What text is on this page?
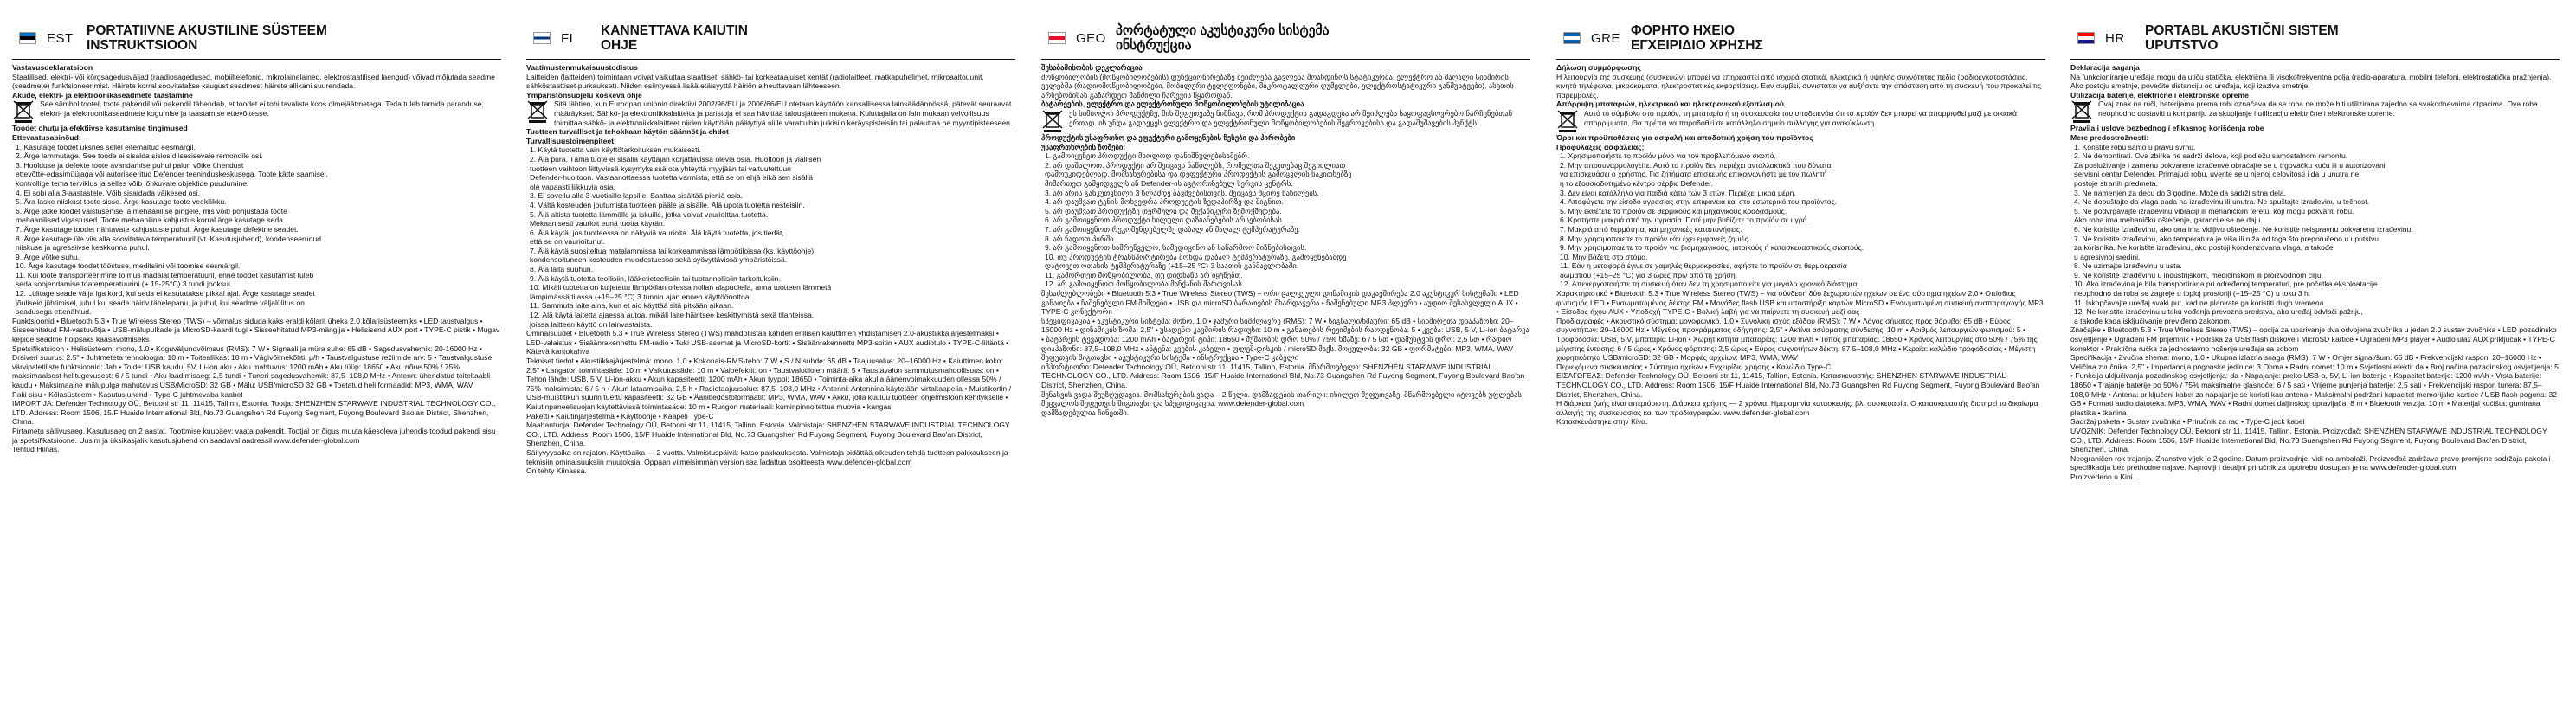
EST PORTATIIVNE AKUSTILINE SÜSTEEM
INSTRUKTSIOON

Vastavusdeklaratsioon

Staatilised, elektri- või kõrgsagedusväljad (raadiosagedused, mobiiltelefonid, mikrolainelained, elektrostaatilised laengud) võivad mõjutada seadme (seadmete) funktsioneerimist. Häirete korral soovitatakse kaugust seadmest häirete allikani suurendada.

Akude, elektri- ja elektroonikaseadmete taastamine

See sümbol tootel, toote pakendil või pakendil tähendab, et toodet ei tohi tavaliste koos olmejäätmetega. Teda tuleb tarnida paranduse, elektri- ja elektroonikaseadmete kogumise ja taastamise ettevõttesse.

Toodet ohutu ja efektiivse kasutamise tingimused

Ettevaatusabinõud:

1. Kasutage toodet üksnes sellel eitemaltud eesmärgil.

2. Ärge lammutage. See toode ei sisalda sisiosid isesisevale remondile osi.

3. Hoolduse ja defekte toote avandamise puhul palun võtke ühendust

ettevõtte-edasimüüjaga või autoriseeritud Defender teeninduskeskusega. Toote kätte saamisel,

kontrollige tema terviklus ja selles võib lõhkuvate objektide puudumine.

4. Ei sobi alla 3-aastastele. Võib sisaldada väikesed osi.

5. Ära laske niiskust toote sisse. Ärge kasutage toote veekilikku.

6. Ärge jätke toodet väistusenise ja mehaanilise pingele, mis võib põhjustada toote

mehaanilised vigastused. Toote mehaaniline kahjustus korral ärge kasutage seda.

7. Ärge kasutage toodet nähtavate kahjustuste puhul. Ärge kasutage defektne seadet.

8. Ärge kasutage üle viis alla soovitatava temperatuuril (vt. Kasutusjuhend), kondenseerunud

niiskuse ja agressiivse keskkonna puhul.

9. Ärge võtke suhu.

10. Ärge kasutage toodet tööstuse, meditsiini või toomise eesmärgil.

11. Kui toote transporteerimine toimus madalal temperatuuril, enne toodet kasutamist tuleb

seda soojendamise toatemperatuurini (+ 15-25°C) 3 tundi jooksul.

12. Lülitage seade välja iga kord, kui seda ei kasutatakse pikkal ajal. Ärge kasutage seadet

jõuliseid jühtimisel, juhul kui seade häiriv tähelepanu, ja juhul, kui seadme väljalülitus on

seadusega ettenähtud.

Funktsioonid • Bluetooth 5.3 • True Wireless Stereo (TWS) – võimalus siduda kaks eraldi kõlarit üheks 2.0 kõlarisüsteemiks • LED taustvalgus • Sisseehitatud FM-vastuvõtja • USB-mälupulkade ja MicroSD-kaardi tugi • Sisseehitatud MP3-mängija • Helisisend AUX port • TYPE-C pistik • Mugav kepide seadme hõlpsaks kaasavõtmiseks

Spetsifikatsioon • Helisüsteem: mono, 1.0 • Koguväljundvõimsus (RMS): 7 W • Signaali ja müra suhe: 65 dB • Sagedusvahemik: 20-16000 Hz • Draiveri suurus: 2.5" • Juhtmeteta tehnoloogia: 10 m • Toiteallikas: 10 m • Vägivõimekõhti: μ/h • Taustvalgustuse režiimide arv: 5 • Taustvalgustuse värvipaletiliste funktsioonid: Jah • Toide: USB kaudu, 5V, Li-ion aku • Aku mahtuvus: 1200 mAh • Aku tüüp: 18650 • Aku nõue 50% / 75% maksimaalsest helitugevusest: 6 / 5 tundi • Aku laadimisaeg: 2,5 tundi • Tuneri sagedusvahemik: 87,5–108,0 MHz • Antenn: ühendatud toitekaabli kaudu • Maksimaalne mälupulga mahutavus USB/MicroSD: 32 GB • Mälu: USB/microSD 32 GB • Toetatud heli formaadid: MP3, WMA, WAV

Paki sisu • Kõlasüsteem • Kasutusjuhend • Type-C juhtmevaba kaabel

IMPORTIJA: Defender Technology OÜ, Betooni str 11, 11415, Tallinn, Estonia. Tootja: SHENZHEN STARWAVE INDUSTRIAL TECHNOLOGY CO., LTD. Address: Room 1506, 15/F Huaide International Bld, No.73 Guangshen Rd Fuyong Segment, Fuyong Boulevard Bao'an District, Shenzhen, China.

Pirtametu säilivusaeg. Kasutusaeg on 2 aastat. Toottmise kuupäev: vaata pakendit. Tootjal on õigus muuta käesoleva juhendis toodud pakendi sisu ja spetsifikatsioone. Uusim ja üksikasjalik kasutusjuhend on saadaval aadressil www.defender-global.com

Tehtud Hiinas.

FI	KANNETTAVA KAIUTIN
OHJE

Vaatimustenmukaisuustodistus

Laitteiden (laitteiden) toimintaan voivat vaikuttaa staattiset, sähkö- tai korkeataajuiset kentät (radiolaitteet, matkapuhelimet, mikroaaltouunit, sähköstaattiset purkaukset). Niiden esiintyessä lisää etäisyyttä häiriön aiheuttavaan lähteeseen.

Ympäristönsuojelu koskeva ohje

Sitä lähtien, kun Euroopan unionin direktiivi 2002/96/EU ja 2006/66/EU otetaan käyttöön kansallisessa lainsäädännössä, pätevät seuraavat määräykset: Sähkö- ja elektroniikkalaitteita ja paristoja ei saa hävittää talousjätteen mukana. Kuluttajalla on lain mukaan velvollisuus toimittaa sähkö- ja elektroniikkalaitteet niiden käyttöiän päätyttyä niille varattuihin julkisiin keräyspisteisiin tai palauttaa ne myyntipisteeseen.

Tuotteen turvalliset ja tehokkaan käytön säännöt ja ehdot

Turvallisuustoimenpiteet:

1. Käytä tuotetta vain käyttötarkoituksen mukaisesti.

2. Älä pura. Tämä tuote ei sisällä käyttäjän korjattavissa olevia osia. Huoltoon ja viallisen

tuotteen vaihtoon liittyvissä kysymyksissä ota yhteyttä myyjään tai valtuutettuun

Defender-huoltoon. Vastaanottaessa tuotetta varmista, että se on ehjä eikä sen sisällä

ole vapaasti liikkuvia osia.

3. Ei sovellu alle 3-vuotiaille lapsille. Saattaa sisältää pieniä osia.

4. Vältä kosteuden joutumista tuotteen pääle ja sisälle. Älä upota tuotetta nesteisiin.

5. Älä altista tuotetta lämmölle ja iskuille, jotka voivat vaurioittaa tuotetta.

Mekaanisesti vaurioit eunä tuotta käyrän.

6. Älä käytä, jos tuotteessa on näkyviä vaurioita. Älä käytä tuotetta, jos tiedät,

että se on vaurioitunut.

7. Älä käytä suositeltua matalammissa tai korkeammissa lämpötiloissa (ks. käyttöohje),

kondensoituneen kosteuden muodostuessa sekä syövyttävissä ympäristöissä.

8. Älä laita suuhun.

9. Älä käytä tuotetta teollisiin, lääketieteellisiin tai tuotannollisiin tarkoituksiin.

10. Mikäli tuotetta on kuljetettu lämpötilan ollessa nollan alapuolella, anna tuotteen lämmetä

lämpimässä tilassa (+15–25 °C) 3 tunnin ajan ennen käyttöönottoa.

11. Sammuta laite aina, kun et aio käyttää sitä pitkään aikaan.

12. Älä käytä laitetta ajaessa autoa, mikäli laite häiritsee keskittymistä sekä tilanteissa,

joissa laitteen käyttö on lainvastaista.

Ominaisuudet • Bluetooth 5.3 • True Wireless Stereo (TWS) mahdollistaa kahden erillisen kaiuttimen yhdistämisen 2.0-akustiikkajärjestelmäksi • LED-valaistus • Sisäänrakennettu FM-radio • Tuki USB-asemat ja MicroSD-kortit • Sisäänrakennettu MP3-soitin • AUX audiotulo • TYPE-C-liitäntä • Kätevä kantokahva

Tekniset tiedot • Akustiikkajärjestelmä: mono, 1.0 • Kokonais-RMS-teho: 7 W • S / N suhde: 65 dB • Taajuusalue: 20–16000 Hz • Kaiuttimen koko: 2,5" • Langaton toimintasäde: 10 m • Vaikutussäde: 10 m • Valoefektit: on • Taustvalotilojen määrä: 5 • Taustavalon sammutusmahdollisuus: on • Tehon lähde: USB, 5 V, Li-ion-akku • Akun kapasiteetti: 1200 mAh • Akun tyyppi: 18650 • Toiminta-aika akulla äänenvoimakkuuden ollessa 50% / 75% maksimista: 6 / 5 h • Akun lataamisaika: 2,5 h • Radiotaajuusalue: 87,5–108,0 MHz • Antenni: Antennina käytetään virtakaapelia • Muistikortin / USB-muistitikun suurin tuettu kapasiteetti: 32 GB • Äänitiedostoformaatit: MP3, WMA, WAV • Akku, jolla kuuluu tuotteen ohjelmistoon kehitykselle • Kaiutinpaneelisuojan käytettävissä toimintasäde: 10 m • Rungon materiaali: kuminpinnoitettua muovia • kangas

Paketti • Kaiutinjärjestelmä • Käyttöohje • Kaapeli Type-C

Maahantuoja: Defender Technology OÜ, Betooni str 11, 11415, Tallinn, Estonia. Valmistaja: SHENZHEN STARWAVE INDUSTRIAL TECHNOLOGY CO., LTD. Address: Room 1506, 15/F Huaide International Bld, No.73 Guangshen Rd Fuyong Segment, Fuyong Boulevard Bao'an District, Shenzhen, China.

Säilyvyysaika on rajaton. Käyttöaika — 2 vuotta. Valmistuspäivä: katso pakkauksesta. Valmistaja pidättää oikeuden tehdä tuotteen pakkaukseen ja teknisiin ominaisuuksiin muutoksia. Oppaan viimeisimmän version saa ladattua osoitteesta www.defender-global.com

On tehty Kiinassa.

GEO პორტატული აკუსტიკური სისტემა
ინსტრუქცია

შესაბამისობის დეკლარაცია

მოწყობილობის (მოწყობილობების) ფუნქციონირებაზე შეიძლება გავლენა მოახდინოს სტატიკურმა, ელექტრო ან მაღალი სიხშირის ველებმა (რადიომოწყობილობები, მობილური ტელეფონები, მიკროტალღური ღუმელები, ელექტროსტატიკური განმუხტვები). ასეთის არსებობისას გაზარდეთ მანძილი ჩარევის წყაროდან.

ბატარეების, ელექტრო და ელექტრონული მოწყობილობების უტილიზაცია

ეს სიმბოლო პროდუქტზე, მის შეფუთვაზე ნიშნავს, რომ პროდუქტის გადაგდება არ შეიძლება საყოფაცხოვრებო ნარჩენებთან ერთად. ის უნდა გადაეცეს ელექტრო და ელექტრონული მოწყობილობების შეგროვებისა და გადამუშავების პუნქტს.

პროდუქტის უსაფრთხო და ეფექტური გამოყენების წესები და პირობები

უსაფრთხოების ზომები:

1. გამოიყენეთ პროდუქტი მხოლოდ დანიშნულებისამებრ.

2. არ დაშალოთ. პროდუქტი არ შეიცავს ნაწილებს, რომელთა შეკეთებაც შეგიძლიათ

დამოუკიდებლად. მომსახურებისა და დეფექტური პროდუქტის გამოცვლის საკითხებზე

მიმართეთ გამყიდველს ან Defender-ის ავტორიზებულ სერვის ცენტრს.

3. არ არის განკუთვნილი 3 წლამდე ბავშვებისთვის. შეიცავს მცირე ნაწილებს.

4. არ დაუშვათ ტენის მოხვედრა პროდუქტის ზედაპირზე და შიგნით.

5. არ დაუშვათ პროდუქტზე თერმული და მექანიკური ზემოქმედება.

6. არ გამოიყენოთ პროდუქტი ხილული დაზიანებების არსებობისას.

7. არ გამოიყენოთ რეკომენდებულზე დაბალ ან მაღალ ტემპერატურაზე.

8. არ ჩადოთ პირში.

9. არ გამოიყენოთ სამრეწველო, სამედიცინო ან საწარმოო მიზნებისთვის.

10. თუ პროდუქტის ტრანსპორტირება მოხდა დაბალ ტემპერატურაზე, გამოყენებამდე

დატოვეთ ოთახის ტემპერატურაზე (+15–25 °C) 3 საათის განმავლობაში.

11. გამორთეთ მოწყობილობა, თუ დიდხანს არ იყენებთ.

12. არ გამოიყენოთ მოწყობილობა მანქანის მართვისას.

შესაძლებლობები • Bluetooth 5.3 • True Wireless Stereo (TWS) – ორი ცალკეული დინამიკის დაკავშირება 2.0 აკუსტიკურ სისტემაში • LED განათება • ჩაშენებული FM მიმღები • USB და microSD ბარათების მხარდაჭერა • ჩაშენებული MP3 პლეერი • აუდიო შესასვლელი AUX • TYPE-C კონექტორი

სპეციფიკაცია • აკუსტიკური სისტემა: მონო, 1.0 • ჯამური სიმძლავრე (RMS): 7 W • სიგნალი/ხმაური: 65 dB • სიხშირეთა დიაპაზონი: 20–16000 Hz • დინამიკის ზომა: 2,5" • უსადენო კავშირის რადიუსი: 10 m • განათების რეჟიმების რაოდენობა: 5 • კვება: USB, 5 V, Li-ion ბატარეა • ბატარეის ტევადობა: 1200 mAh • ბატარეის ტიპი: 18650 • მუშაობის დრო 50% / 75% ხმაზე: 6 / 5 სთ • დამუხტვის დრო: 2,5 სთ • რადიო დიაპაზონი: 87,5–108,0 MHz • ანტენა: კვების კაბელი • ფლეშ-დისკის / microSD მაქს. მოცულობა: 32 GB • ფორმატები: MP3, WMA, WAV

შეფუთვის შიგთავსი • აკუსტიკური სისტემა • ინსტრუქცია • Type-C კაბელი

იმპორტიორი: Defender Technology OÜ, Betooni str 11, 11415, Tallinn, Estonia. მწარმოებელი: SHENZHEN STARWAVE INDUSTRIAL TECHNOLOGY CO., LTD. Address: Room 1506, 15/F Huaide International Bld, No.73 Guangshen Rd Fuyong Segment, Fuyong Boulevard Bao'an District, Shenzhen, China.

შენახვის ვადა შეუზღუდავია. მომსახურების ვადა – 2 წელი. დამზადების თარიღი: იხილეთ შეფუთვაზე. მწარმოებელი იტოვებს უფლებას შეცვალოს შეფუთვის შიგთავსი და სპეციფიკაცია. www.defender-global.com

დამზადებულია ჩინეთში.

GRE ΦΟΡΗΤΟ ΗΧΕΙΟ
ΕΓΧΕΙΡΙΔΙΟ ΧΡΗΣΗΣ

Δήλωση συμμόρφωσης

Η λειτουργία της συσκευής (συσκευών) μπορεί να επηρεαστεί από ισχυρά στατικά, ηλεκτρικά ή υψηλής συχνότητας πεδία (ραδιοεγκαταστάσεις, κινητά τηλέφωνα, μικροκύματα, ηλεκτροστατικές εκφορτίσεις). Εάν συμβεί, συνιστάται να αυξήσετε την απόσταση από τη συσκευή που προκαλεί τις παρεμβολές.

Απόρριψη μπαταριών, ηλεκτρικού και ηλεκτρονικού εξοπλισμού

Αυτό το σύμβολο στο προϊόν, τη μπαταρία ή τη συσκευασία του υποδεικνύει ότι το προϊόν δεν μπορεί να απορριφθεί μαζί με οικιακά απορρίμματα. Θα πρέπει να παραδοθεί σε κατάλληλο σημείο συλλογής για ανακύκλωση.

Όροι και προϋποθέσεις για ασφαλή και αποδοτική χρήση του προϊόντος

Προφυλάξεις ασφαλείας:

1. Χρησιμοποιήστε το προϊόν μόνο για τον προβλεπόμενο σκοπό.

2. Μην αποσυναρμολογείτε. Αυτό το προϊόν δεν περιέχει ανταλλακτικά που δύναται

να επισκευάσει ο χρήστης. Για ζητήματα επισκευής επικοινωνήστε με τον πωλητή

ή το εξουσιοδοτημένο κέντρο σέρβις Defender.

3. Δεν είναι κατάλληλο για παιδιά κάτω των 3 ετών. Περιέχει μικρά μέρη.

4. Αποφύγετε την είσοδο υγρασίας στην επιφάνεια και στο εσωτερικό του προϊόντος.

5. Μην εκθέτετε το προϊόν σε θερμικούς και μηχανικούς κραδασμούς.

6. Κρατήστε μακριά από την υγρασία. Ποτέ μην βυθίζετε το προϊόν σε υγρά.

7. Μακριά από θερμότητα, και μηχανικές καταπονήσεις.

8. Μην χρησιμοποιείτε το προϊόν εάν έχει εμφανείς ζημιές.

9. Μην χρησιμοποιείτε το προϊόν για βιομηχανικούς, ιατρικούς ή κατασκευαστικούς σκοπούς.

10. Μην βάζετε στο στόμα.

11. Εάν η μεταφορά έγινε σε χαμηλές θερμοκρασίες, αφήστε το προϊόν σε θερμοκρασία

δωματίου (+15–25 °C) για 3 ώρες πριν από τη χρήση.

12. Απενεργοποιήστε τη συσκευή όταν δεν τη χρησιμοποιείτε για μεγάλο χρονικό διάστημα.

Χαρακτηριστικά • Bluetooth 5.3 • True Wireless Stereo (TWS) – για σύνδεση δύο ξεχωριστών ηχείων σε ένα σύστημα ηχείων 2.0 • Οπίσθιος φωτισμός LED • Ενσωματωμένος δέκτης FM • Μονάδες flash USB και υποστήριξη καρτών MicroSD • Ενσωματωμένη συσκευή αναπαραγωγής MP3 • Είσοδος ήχου AUX • Υποδοχή TYPE-C • Βολική λαβή για να παίρνετε τη συσκευή μαζί σας

Προδιαγραφές • Ακουστικό σύστημα: μονοφωνικό, 1.0 • Συνολική ισχύς εξόδου (RMS): 7 W • Λόγος σήματος προς θόρυβο: 65 dB • Εύρος συχνοτήτων: 20–16000 Hz • Μέγεθος προγράμματος οδήγησης: 2,5" • Ακτίνα ασύρματης σύνδεσης: 10 m • Αριθμός λειτουργιών φωτισμού: 5 • Τροφοδοσία: USB, 5 V, μπαταρία Li-ion • Χωρητικότητα μπαταρίας: 1200 mAh • Τύπος μπαταρίας: 18650 • Χρόνος λειτουργίας στο 50% / 75% της μέγιστης έντασης: 6 / 5 ώρες • Χρόνος φόρτισης: 2,5 ώρες • Εύρος συχνοτήτων δέκτη: 87,5–108,0 MHz • Κεραία: καλώδιο τροφοδοσίας • Μέγιστη χωρητικότητα USB/microSD: 32 GB • Μορφές αρχείων: MP3, WMA, WAV

Περιεχόμενα συσκευασίας • Σύστημα ηχείων • Εγχειρίδιο χρήσης • Καλώδιο Type-C

ΕΙΣΑΓΩΓΕΑΣ: Defender Technology OÜ, Betooni str 11, 11415, Tallinn, Estonia. Κατασκευαστής: SHENZHEN STARWAVE INDUSTRIAL TECHNOLOGY CO., LTD. Address: Room 1506, 15/F Huaide International Bld, No.73 Guangshen Rd Fuyong Segment, Fuyong Boulevard Bao'an District, Shenzhen, China.

Η διάρκεια ζωής είναι απεριόριστη. Διάρκεια χρήσης — 2 χρόνια. Ημερομηνία κατασκευής: βλ. συσκευασία. Ο κατασκευαστής διατηρεί το δικαίωμα αλλαγής της συσκευασίας και των προδιαγραφών. www.defender-global.com

Κατασκευάστηκε στην Κίνα.

HR	PORTABL AKUSTIČNI SISTEM
UPUTSTVO

Deklaracija saganja

Na funkcioniranje uređaja mogu da utiču statička, električna ili visokofrekventna polja (radio-aparatura, mobilni telefoni, elektrostatička pražnjenja). Ako postoju smetnje, povećite distanciju od uređaja, koji izaziva smetnje.

Utilizacija baterije, električne i elektronske opreme

Ovaj znak na ruči, baterijama prema robi označava da se roba ne može biti utilizirana zajedno sa svakodnevnima otpacima. Ova roba neophodno dostaviti u kompaniju za skupljanje i utilizaciju električne i elektronske opreme.

Pravila i uslove bezbednog i efikasnog korišćenja robe

Mere predostrožnosti:

1. Koristite robu samo u pravu svrhu.

2. Ne demontirati. Ova zbirka ne sadrži delova, koji podležu samostalnom remontu.

Za posluživanje i zamenu pokvarene izrađenve obraćajte se u trgovačku kuću ili u autorizovani

servisni centar Defender. Primajući robu, uverite se u njenoj celovitosti i da u unutra ne

postoje stranih predmeta.

3. Ne namenjen za decu do 3 godine. Može da sadrži sitna dela.

4. Ne dopuštajte da vlaga pada na izrađevinu ili unutra. Ne spuštajte izrađevinu u tečnost.

5. Ne podvrgavajte izrađevinu vibraciji ili mehaničkim teretu, koji mogu pokvariti robu.

Ako roba ima mehaničku oštećenje, garancije se ne daju.

6. Ne koristite izrađevinu, ako ona ima vidljivo oštećenje. Ne koristite neispravnu pokvarenu izrađevinu.

7. Ne koristite izrađevinu, ako temperatura je viša ili niža od toga što preporučeno u uputstvu

za korisnika. Ne koristite izrađevinu, ako postoji kondenzovana vlaga, a takođe

u agresivnoj sredini.

8. Ne uzimajte izrađevinu u usta.

9. Ne koristite izrađevinu u industrijskom, medicinskom ili proizvodnom cilju.

10. Ako izrađevina je bila transportirana pri određenoj temperaturi, pre početka eksploatacije

neophodno da roba se zagreje u toploj prostoriji (+15–25 °C) u toku 3 h.

11. Iskopčavajte uređaj svaki put, kad ne planirate ga koristiti dugo vremena.

12. Ne koristite izrađevinu u toku vođenja prevozna sredstva, ako uređaj odvlači pažnju,

a takođe kada isključivanje previđeno zakonom.

Značajke • Bluetooth 5.3 • True Wireless Stereo (TWS) – opcija za uparivanje dva odvojena zvučnika u jedan 2.0 sustav zvučnika • LED pozadinsko osvjetljenje • Ugrađeni FM prijemnik • Podrška za USB flash diskove i MicroSD kartice • Ugrađeni MP3 player • Audio ulaz AUX priključak • TYPE-C konektor • Praktična ručka za jednostavno nošenje uređaja sa sobom

Specifikacija • Zvučna shema: mono, 1.0 • Ukupna izlazna snaga (RMS): 7 W • Omjer signal/šum: 65 dB • Frekvencijski raspon: 20–16000 Hz • Veličina zvučnika: 2,5" • Impedancija pogonske jedinice: 3 Ohma • Radni domet: 10 m • Svjetlosni efekti: da • Broj načina pozadinskog osvjetljenja: 5 • Funkcija uključivanja pozadinskog osvjetljenja: da • Napajanje: preko USB-a, 5V, Li-ion baterija • Kapacitet baterije: 1200 mAh • Vrsta baterije: 18650 • Trajanje baterije po 50% / 75% maksimalne glasnoće: 6 / 5 sati • Vrijeme punjenja baterije: 2,5 sati • Frekvencijski raspon tunera: 87,5–108,0 MHz • Antena: priključeni kabel za napajanje se koristi kao antena • Maksimalni podržani kapacitet memorijske kartice / USB flash pogona: 32 GB • Formati audio datoteka: MP3, WMA, WAV • Radni domet daljinskog upravljača: 8 m • Bluetooth verzija: 10 m • Materijal kućišta: gumirana plastika • tkanina

Sadržaj paketa • Sustav zvučnika • Priručnik za rad • Type-C jack kabel

UVOZNIK: Defender Technology OÜ, Betooni str 11, 11415, Tallinn, Estonia. Proizvođač: SHENZHEN STARWAVE INDUSTRIAL TECHNOLOGY CO., LTD. Address: Room 1506, 15/F Huaide International Bld, No.73 Guangshen Rd Fuyong Segment, Fuyong Boulevard Bao'an District, Shenzhen, China.

Neograničen rok trajanja. Znanstvo vijek je 2 godine. Datum proizvodnje: vidi na ambalaži. Proizvođač zadržava pravo promjene sadržaja paketa i specifikacija bez prethodne najave. Najnoviji i detaljni priručnik za upotrebu dostupan je na www.defender-global.com

Proizvedeno u Kini.
